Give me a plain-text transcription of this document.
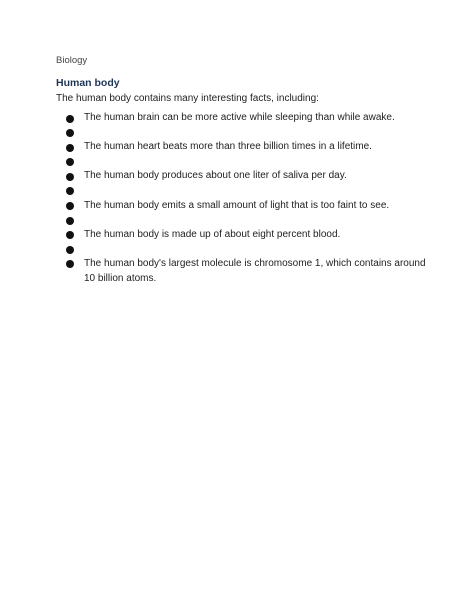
Biology
Human body
The human body contains many interesting facts, including:
The human brain can be more active while sleeping than while awake.
The human heart beats more than three billion times in a lifetime.
The human body produces about one liter of saliva per day.
The human body emits a small amount of light that is too faint to see.
The human body is made up of about eight percent blood.
The human body's largest molecule is chromosome 1, which contains around 10 billion atoms.
